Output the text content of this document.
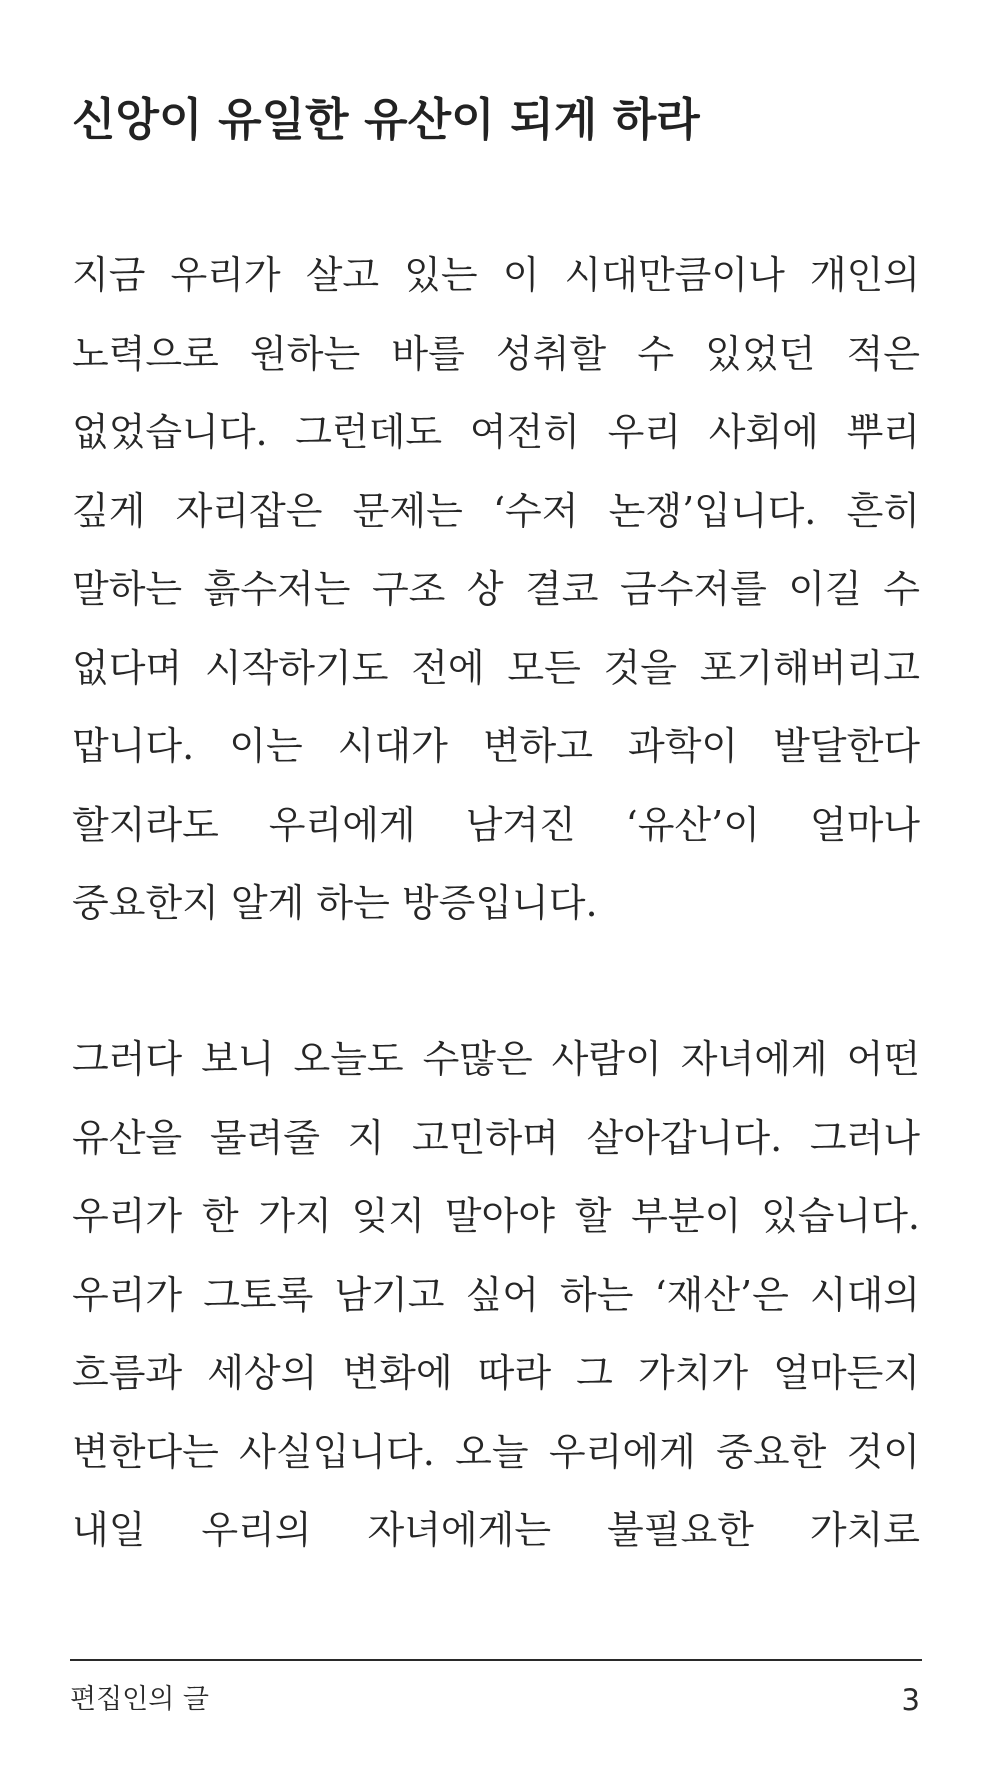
신앙이 유일한 유산이 되게 하라

지금 우리가 살고 있는 이 시대만큼이나 개인의 노력으로 원하는 바를 성취할 수 있었던 적은 없었습니다. 그런데도 여전히 우리 사회에 뿌리 깊게 자리잡은 문제는 ‘수저 논쟁’입니다. 흔히 말하는 흙수저는 구조 상 결코 금수저를 이길 수 없다며 시작하기도 전에 모든 것을 포기해버리고 맙니다. 이는 시대가 변하고 과학이 발달한다 할지라도 우리에게 남겨진 ‘유산’이 얼마나 중요한지 알게 하는 방증입니다.

그러다 보니 오늘도 수많은 사람이 자녀에게 어떤 유산을 물려줄 지 고민하며 살아갑니다. 그러나 우리가 한 가지 잊지 말아야 할 부분이 있습니다. 우리가 그토록 남기고 싶어 하는 ‘재산’은 시대의 흐름과 세상의 변화에 따라 그 가치가 얼마든지 변한다는 사실입니다. 오늘 우리에게 중요한 것이 내일 우리의 자녀에게는 불필요한 가치로

편집인의 글	3
